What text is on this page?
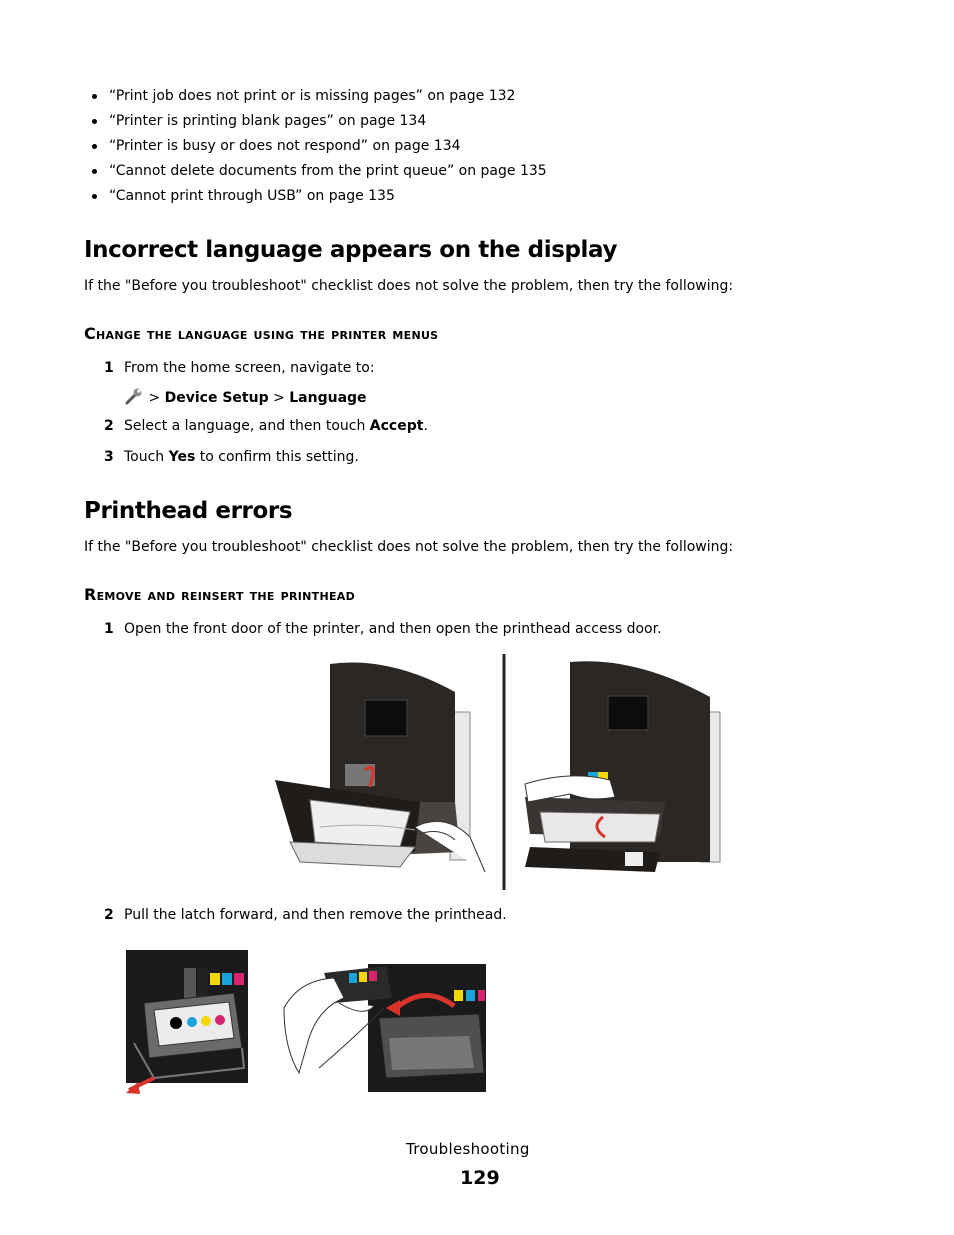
“Print job does not print or is missing pages” on page 132
“Printer is printing blank pages” on page 134
“Printer is busy or does not respond” on page 134
“Cannot delete documents from the print queue” on page 135
“Cannot print through USB” on page 135
Incorrect language appears on the display
If the "Before you troubleshoot" checklist does not solve the problem, then try the following:
Change the language using the printer menus
1 From the home screen, navigate to:
> Device Setup > Language
2 Select a language, and then touch Accept.
3 Touch Yes to confirm this setting.
Printhead errors
If the "Before you troubleshoot" checklist does not solve the problem, then try the following:
Remove and reinsert the printhead
1 Open the front door of the printer, and then open the printhead access door.
2 Pull the latch forward, and then remove the printhead.
Troubleshooting
129
